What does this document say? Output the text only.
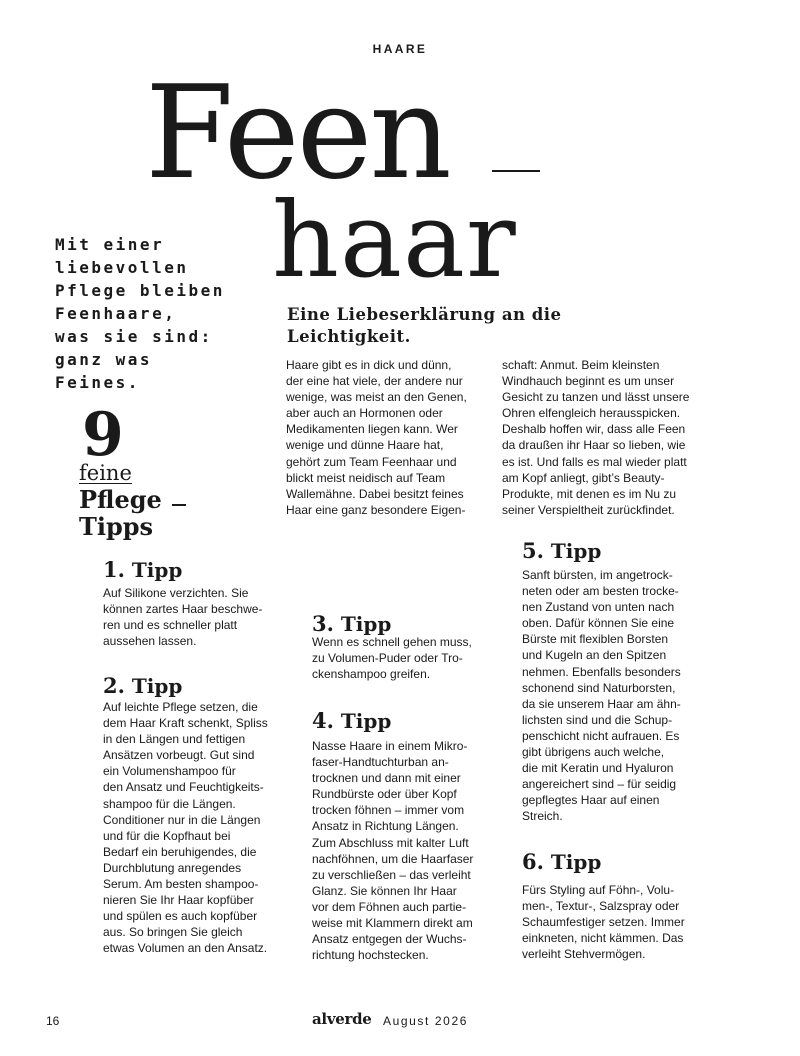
HAARE
Feen
haar
Mit einer
liebevollen
Pflege bleiben
Feenhaare,
was sie sind:
ganz was
Feines.
Eine Liebeserklärung an die Leichtigkeit.
Haare gibt es in dick und dünn,
der eine hat viele, der andere nur
wenige, was meist an den Genen,
aber auch an Hormonen oder
Medikamenten liegen kann. Wer
wenige und dünne Haare hat,
gehört zum Team Feenhaar und
blickt meist neidisch auf Team
Wallemähne. Dabei besitzt feines
Haar eine ganz besondere Eigen-
schaft: Anmut. Beim kleinsten
Windhauch beginnt es um unser
Gesicht zu tanzen und lässt unsere
Ohren elfengleich herausspicken.
Deshalb hoffen wir, dass alle Feen
da draußen ihr Haar so lieben, wie
es ist. Und falls es mal wieder platt
am Kopf anliegt, gibt’s Beauty-
Produkte, mit denen es im Nu zu
seiner Verspieltheit zurückfindet.
9
feine
Pflege
Tipps
1. Tipp
Auf Silikone verzichten. Sie
können zartes Haar beschwe-
ren und es schneller platt
aussehen lassen.
2. Tipp
Auf leichte Pflege setzen, die
dem Haar Kraft schenkt, Spliss
in den Längen und fettigen
Ansätzen vorbeugt. Gut sind
ein Volumenshampoo für
den Ansatz und Feuchtigkeits-
shampoo für die Längen.
Conditioner nur in die Längen
und für die Kopfhaut bei
Bedarf ein beruhigendes, die
Durchblutung anregendes
Serum. Am besten shampoo-
nieren Sie Ihr Haar kopfüber
und spülen es auch kopfüber
aus. So bringen Sie gleich
etwas Volumen an den Ansatz.
3. Tipp
Wenn es schnell gehen muss,
zu Volumen-Puder oder Tro-
ckenshampoo greifen.
4. Tipp
Nasse Haare in einem Mikro-
faser-Handtuchturban an-
trocknen und dann mit einer
Rundbürste oder über Kopf
trocken föhnen – immer vom
Ansatz in Richtung Längen.
Zum Abschluss mit kalter Luft
nachföhnen, um die Haarfaser
zu verschließen – das verleiht
Glanz. Sie können Ihr Haar
vor dem Föhnen auch partie-
weise mit Klammern direkt am
Ansatz entgegen der Wuchs-
richtung hochstecken.
5. Tipp
Sanft bürsten, im angetrock-
neten oder am besten trocke-
nen Zustand von unten nach
oben. Dafür können Sie eine
Bürste mit flexiblen Borsten
und Kugeln an den Spitzen
nehmen. Ebenfalls besonders
schonend sind Naturborsten,
da sie unserem Haar am ähn-
lichsten sind und die Schup-
penschicht nicht aufrauen. Es
gibt übrigens auch welche,
die mit Keratin und Hyaluron
angereichert sind – für seidig
gepflegtes Haar auf einen
Streich.
6. Tipp
Fürs Styling auf Föhn-, Volu-
men-, Textur-, Salzspray oder
Schaumfestiger setzen. Immer
einkneten, nicht kämmen. Das
verleiht Stehvermögen.
16	alverde August 2026
